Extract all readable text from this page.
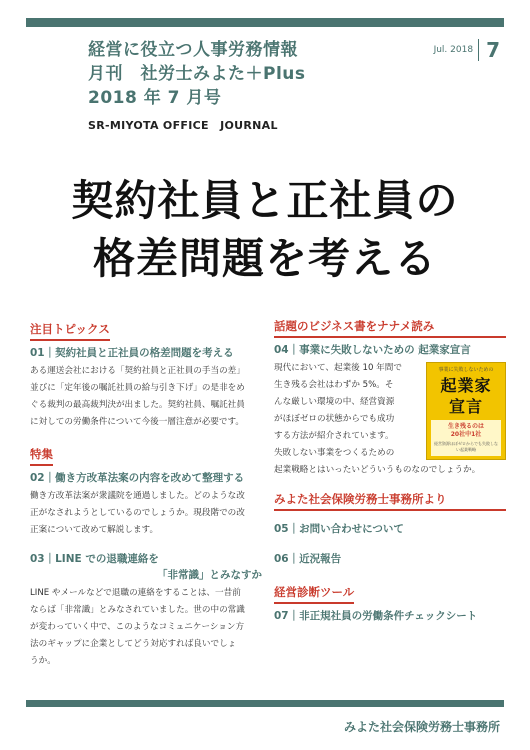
経営に役立つ人事労務情報
月刊　社労士みよた＋Plus
2018 年 7 月号
SR-MIYOTA OFFICE　JOURNAL
Jul. 2018 7
契約社員と正社員の
格差問題を考える
注目トピックス
01｜契約社員と正社員の格差問題を考える
ある運送会社における「契約社員と正社員の手当の差」
並びに「定年後の嘱託社員の給与引き下げ」の是非をめ
ぐる裁判の最高裁判決が出ました。契約社員、嘱託社員
に対しての労働条件について今後一層注意が必要です。
特集
02｜働き方改革法案の内容を改めて整理する
働き方改革法案が衆議院を通過しました。どのような改
正がなされようとしているのでしょうか。現段階での改
正案について改めて解説します。
03｜LINE での退職連絡を
「非常識」とみなすか
LINE やメールなどで退職の連絡をすることは、一昔前
ならば「非常識」とみなされていました。世の中の常識
が変わっていく中で、このようなコミュニケーション方
法のギャップに企業としてどう対応すれば良いでしょ
うか。
話題のビジネス書をナナメ読み
04｜事業に失敗しないための 起業家宣言
現代において、起業後 10 年間で
生き残る会社はわずか 5%。そ
んな厳しい環境の中、経営資源
がほぼゼロの状態からでも成功
する方法が紹介されています。
失敗しない事業をつくるための
起業戦略とはいったいどういうものなのでしょうか。
事業に失敗しないための
起業家
宣言
生き残るのは
20社中1社
経営資源ほぼゼロからでも失敗しない起業戦略
みよた社会保険労務士事務所より
05｜お問い合わせについて
06｜近況報告
経営診断ツール
07｜非正規社員の労働条件チェックシート
みよた社会保険労務士事務所
